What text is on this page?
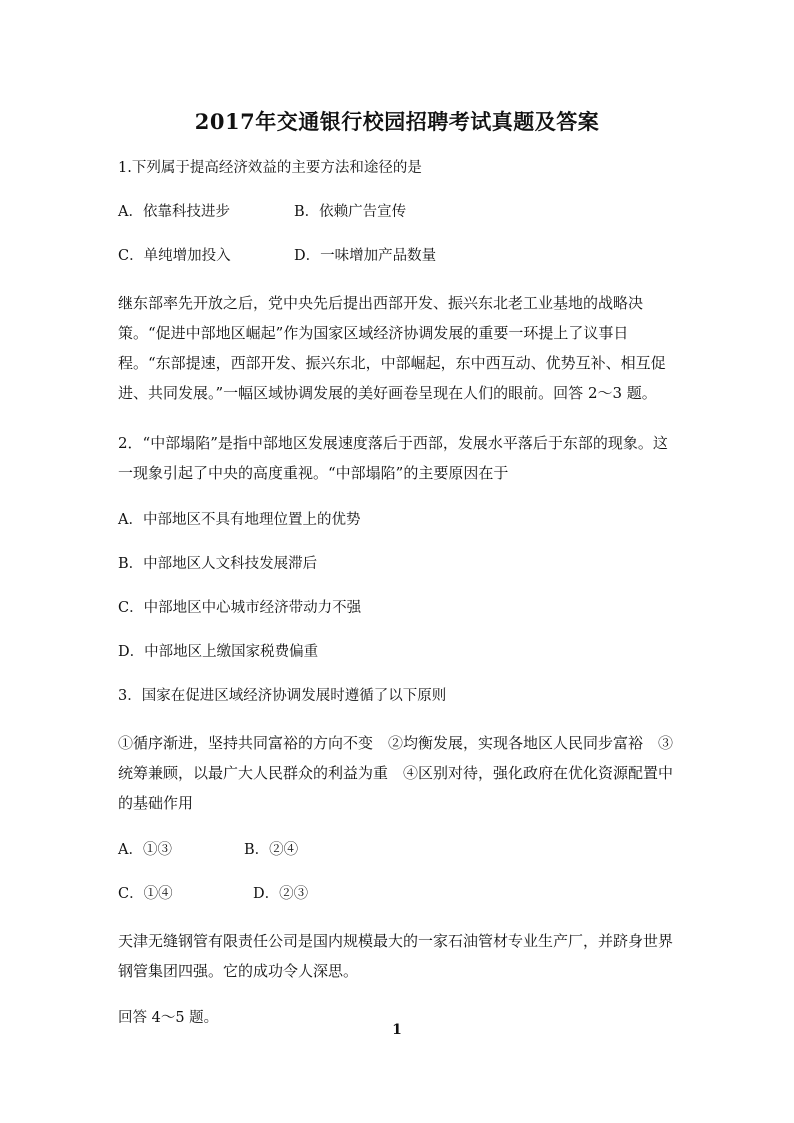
2017年交通银行校园招聘考试真题及答案
1.下列属于提高经济效益的主要方法和途径的是
A．依靠科技进步	B．依赖广告宣传
C．单纯增加投入	D．一味增加产品数量
继东部率先开放之后，党中央先后提出西部开发、振兴东北老工业基地的战略决策。“促进中部地区崛起”作为国家区域经济协调发展的重要一环提上了议事日程。“东部提速，西部开发、振兴东北，中部崛起，东中西互动、优势互补、相互促进、共同发展。”一幅区域协调发展的美好画卷呈现在人们的眼前。回答 2～3 题。
2．“中部塌陷”是指中部地区发展速度落后于西部，发展水平落后于东部的现象。这一现象引起了中央的高度重视。“中部塌陷”的主要原因在于
A．中部地区不具有地理位置上的优势
B．中部地区人文科技发展滞后
C．中部地区中心城市经济带动力不强
D．中部地区上缴国家税费偏重
3．国家在促进区域经济协调发展时遵循了以下原则
①循序渐进，坚持共同富裕的方向不变　②均衡发展，实现各地区人民同步富裕　③统筹兼顾，以最广大人民群众的利益为重　④区别对待，强化政府在优化资源配置中的基础作用
A．①③	B．②④
C．①④	D．②③
天津无缝钢管有限责任公司是国内规模最大的一家石油管材专业生产厂，并跻身世界钢管集团四强。它的成功令人深思。
回答 4～5 题。
1
